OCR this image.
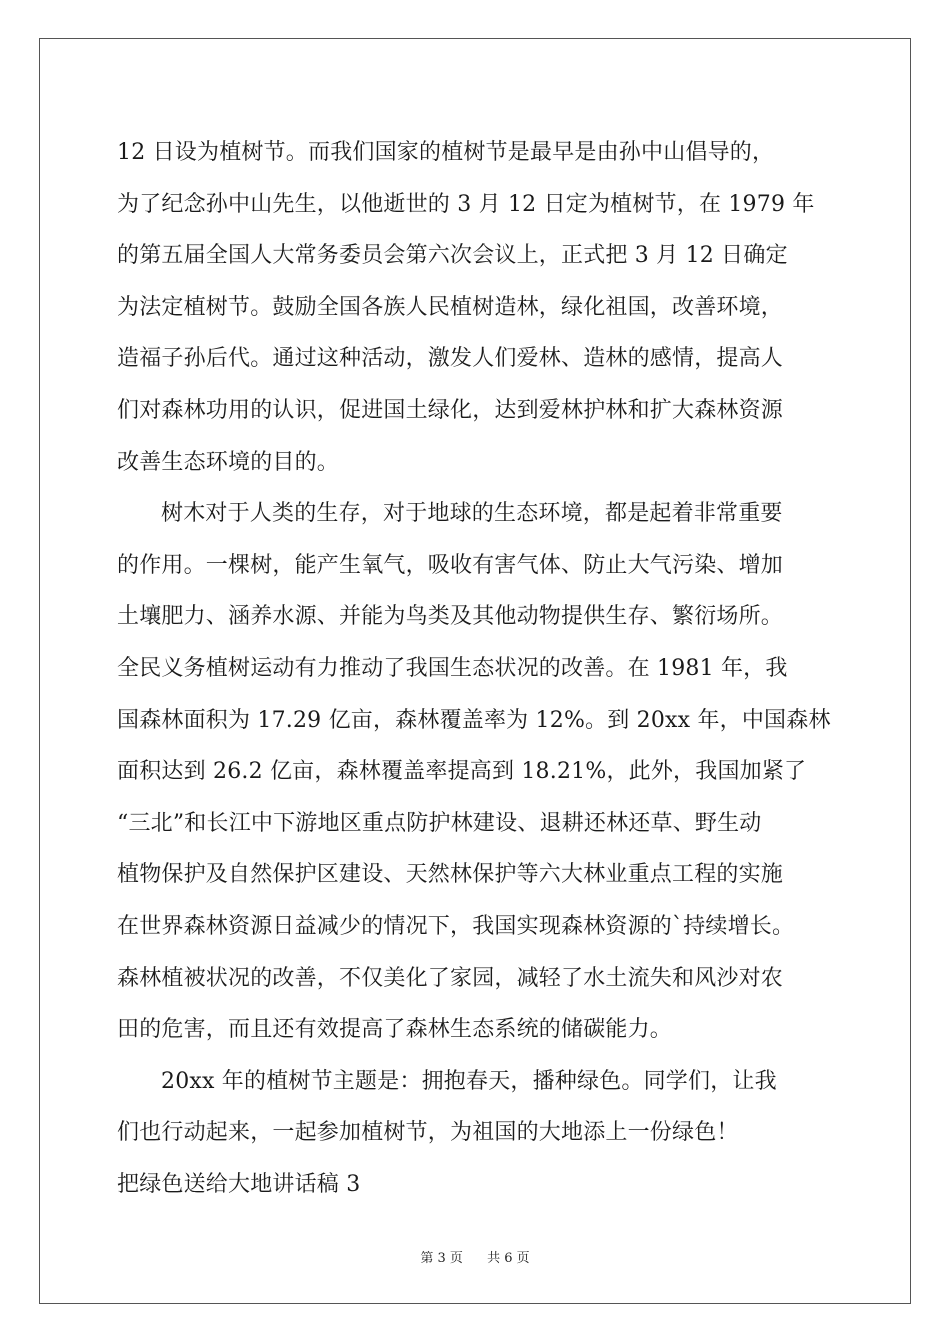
12 日设为植树节。而我们国家的植树节是最早是由孙中山倡导的，
为了纪念孙中山先生，以他逝世的 3 月 12 日定为植树节，在 1979 年
的第五届全国人大常务委员会第六次会议上，正式把 3 月 12 日确定
为法定植树节。鼓励全国各族人民植树造林，绿化祖国，改善环境，
造福子孙后代。通过这种活动，激发人们爱林、造林的感情，提高人
们对森林功用的认识，促进国土绿化，达到爱林护林和扩大森林资源
改善生态环境的目的。
树木对于人类的生存，对于地球的生态环境，都是起着非常重要
的作用。一棵树，能产生氧气，吸收有害气体、防止大气污染、增加
土壤肥力、涵养水源、并能为鸟类及其他动物提供生存、繁衍场所。
全民义务植树运动有力推动了我国生态状况的改善。在 1981 年，我
国森林面积为 17.29 亿亩，森林覆盖率为 12%。到 20xx 年，中国森林
面积达到 26.2 亿亩，森林覆盖率提高到 18.21%，此外，我国加紧了
“三北”和长江中下游地区重点防护林建设、退耕还林还草、野生动
植物保护及自然保护区建设、天然林保护等六大林业重点工程的实施
在世界森林资源日益减少的情况下，我国实现森林资源的`持续增长。
森林植被状况的改善，不仅美化了家园，减轻了水土流失和风沙对农
田的危害，而且还有效提高了森林生态系统的储碳能力。
20xx 年的植树节主题是：拥抱春天，播种绿色。同学们，让我
们也行动起来，一起参加植树节，为祖国的大地添上一份绿色！
把绿色送给大地讲话稿 3
第 3 页 共 6 页
